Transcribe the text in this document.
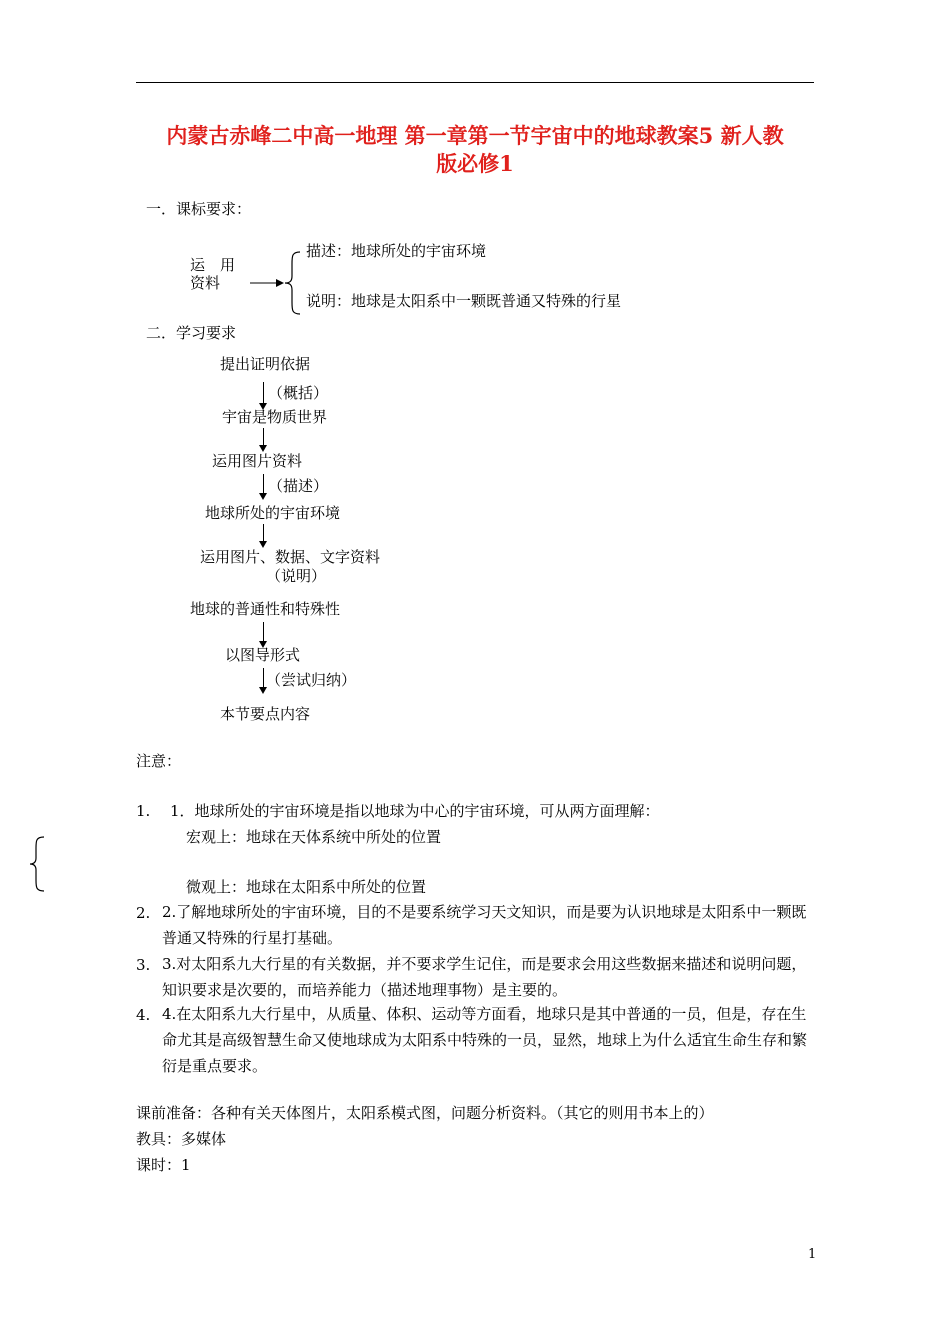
内蒙古赤峰二中高一地理 第一章第一节宇宙中的地球教案5 新人教
版必修1
一．课标要求：
运　用
资料
描述：地球所处的宇宙环境
说明：地球是太阳系中一颗既普通又特殊的行星
二．学习要求
提出证明依据
（概括）
宇宙是物质世界
运用图片资料
（描述）
地球所处的宇宙环境
运用图片、数据、文字资料
（说明）
地球的普通性和特殊性
以图导形式
（尝试归纳）
本节要点内容
注意：
1. 1．地球所处的宇宙环境是指以地球为中心的宇宙环境，可从两方面理解：
宏观上：地球在天体系统中所处的位置
微观上：地球在太阳系中所处的位置
2. 2.了解地球所处的宇宙环境，目的不是要系统学习天文知识，而是要为认识地球是太阳系中一颗既普通又特殊的行星打基础。
3. 3.对太阳系九大行星的有关数据，并不要求学生记住，而是要求会用这些数据来描述和说明问题，知识要求是次要的，而培养能力（描述地理事物）是主要的。
4. 4.在太阳系九大行星中，从质量、体积、运动等方面看，地球只是其中普通的一员，但是，存在生命尤其是高级智慧生命又使地球成为太阳系中特殊的一员，显然，地球上为什么适宜生命生存和繁衍是重点要求。
课前准备：各种有关天体图片，太阳系模式图，问题分析资料。（其它的则用书本上的）
教具：多媒体
课时：1
1
